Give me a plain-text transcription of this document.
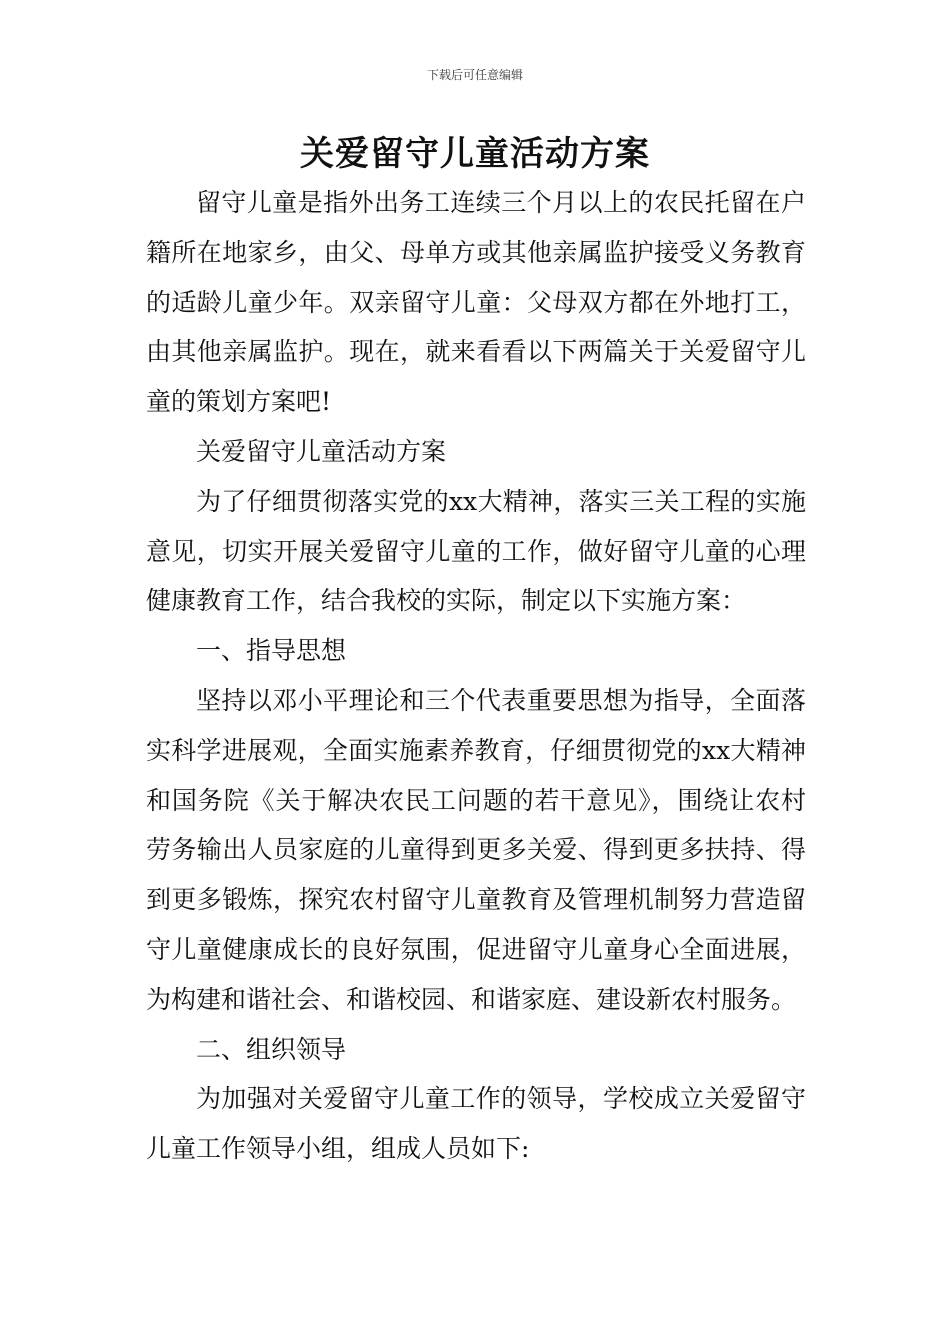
下载后可任意编辑
关爱留守儿童活动方案

留守儿童是指外出务工连续三个月以上的农民托留在户籍所在地家乡，由父、母单方或其他亲属监护接受义务教育的适龄儿童少年。双亲留守儿童：父母双方都在外地打工，由其他亲属监护。现在，就来看看以下两篇关于关爱留守儿童的策划方案吧!

关爱留守儿童活动方案

为了仔细贯彻落实党的xx大精神，落实三关工程的实施意见，切实开展关爱留守儿童的工作，做好留守儿童的心理健康教育工作，结合我校的实际，制定以下实施方案：

一、指导思想

坚持以邓小平理论和三个代表重要思想为指导，全面落实科学进展观，全面实施素养教育，仔细贯彻党的xx大精神和国务院《关于解决农民工问题的若干意见》，围绕让农村劳务输出人员家庭的儿童得到更多关爱、得到更多扶持、得到更多锻炼，探究农村留守儿童教育及管理机制努力营造留守儿童健康成长的良好氛围，促进留守儿童身心全面进展，为构建和谐社会、和谐校园、和谐家庭、建设新农村服务。

二、组织领导

为加强对关爱留守儿童工作的领导，学校成立关爱留守儿童工作领导小组，组成人员如下:
